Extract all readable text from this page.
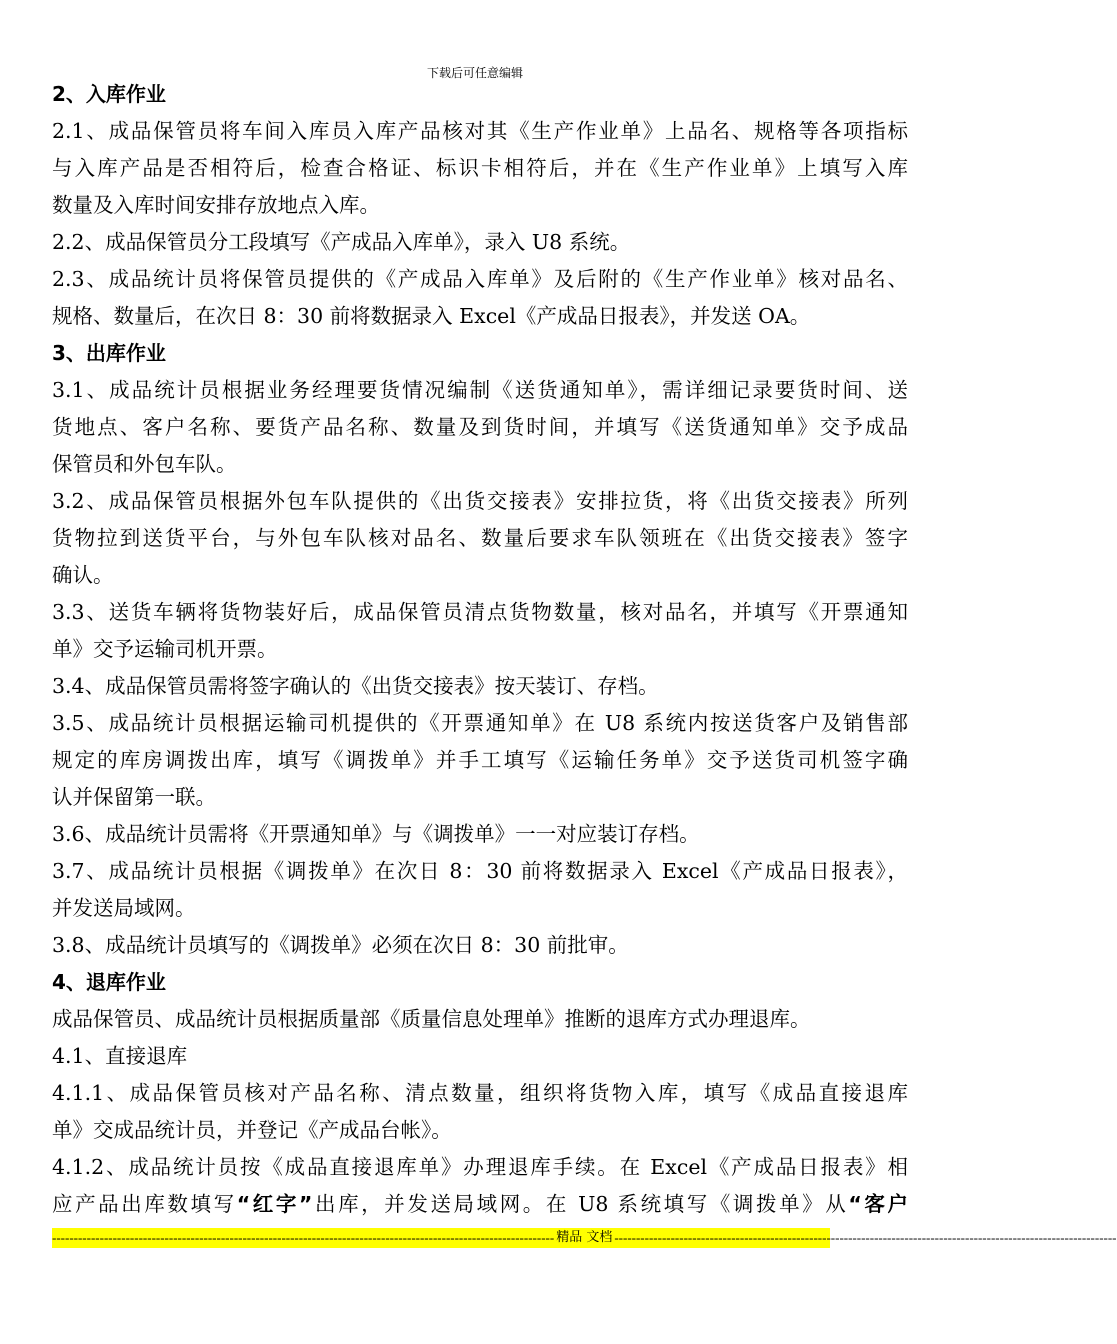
下载后可任意编辑
2、入库作业
2.1、成品保管员将车间入库员入库产品核对其《生产作业单》上品名、规格等各项指标
与入库产品是否相符后，检查合格证、标识卡相符后，并在《生产作业单》上填写入库
数量及入库时间安排存放地点入库。
2.2、成品保管员分工段填写《产成品入库单》，录入 U8 系统。
2.3、成品统计员将保管员提供的《产成品入库单》及后附的《生产作业单》核对品名、
规格、数量后，在次日 8：30 前将数据录入 Excel《产成品日报表》，并发送 OA。
3、出库作业
3.1、成品统计员根据业务经理要货情况编制《送货通知单》，需详细记录要货时间、送
货地点、客户名称、要货产品名称、数量及到货时间，并填写《送货通知单》交予成品
保管员和外包车队。
3.2、成品保管员根据外包车队提供的《出货交接表》安排拉货，将《出货交接表》所列
货物拉到送货平台，与外包车队核对品名、数量后要求车队领班在《出货交接表》签字
确认。
3.3、送货车辆将货物装好后，成品保管员清点货物数量，核对品名，并填写《开票通知
单》交予运输司机开票。
3.4、成品保管员需将签字确认的《出货交接表》按天装订、存档。
3.5、成品统计员根据运输司机提供的《开票通知单》在 U8 系统内按送货客户及销售部
规定的库房调拨出库，填写《调拨单》并手工填写《运输任务单》交予送货司机签字确
认并保留第一联。
3.6、成品统计员需将《开票通知单》与《调拨单》一一对应装订存档。
3.7、成品统计员根据《调拨单》在次日 8：30 前将数据录入 Excel《产成品日报表》，
并发送局域网。
3.8、成品统计员填写的《调拨单》必须在次日 8：30 前批审。
4、退库作业
成品保管员、成品统计员根据质量部《质量信息处理单》推断的退库方式办理退库。
4.1、直接退库
4.1.1、成品保管员核对产品名称、清点数量，组织将货物入库，填写《成品直接退库
单》交成品统计员，并登记《产成品台帐》。
4.1.2、成品统计员按《成品直接退库单》办理退库手续。在 Excel《产成品日报表》相
应产品出库数填写“红字”出库，并发送局域网。在 U8 系统填写《调拨单》从“客户
-------------------------------------------------------------------------------------------------------------------- 精品 文档 --------------------------------------------------------------------------------------------------------------------
